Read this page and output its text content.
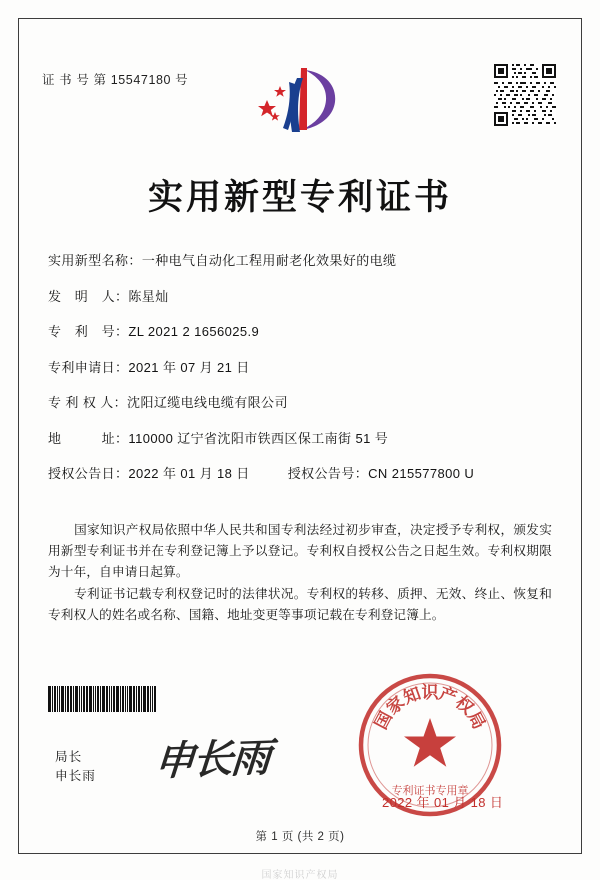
证 书 号 第 15547180 号
实用新型专利证书
实用新型名称： 一种电气自动化工程用耐老化效果好的电缆
发　明　人： 陈星灿
专　利　号： ZL 2021 2 1656025.9
专利申请日： 2021 年 07 月 21 日
专 利 权 人： 沈阳辽缆电线电缆有限公司
地　　　址： 110000 辽宁省沈阳市铁西区保工南街 51 号
授权公告日： 2022 年 01 月 18 日	授权公告号： CN 215577800 U
国家知识产权局依照中华人民共和国专利法经过初步审查，决定授予专利权，颁发实用新型专利证书并在专利登记簿上予以登记。专利权自授权公告之日起生效。专利权期限为十年，自申请日起算。
专利证书记载专利权登记时的法律状况。专利权的转移、质押、无效、终止、恢复和专利权人的姓名或名称、国籍、地址变更等事项记载在专利登记簿上。
局长
申长雨 申长雨
国
家
知
识
产
权
局
专利证书专用章
2022 年 01 月 18 日
第 1 页 (共 2 页)
国家知识产权局
